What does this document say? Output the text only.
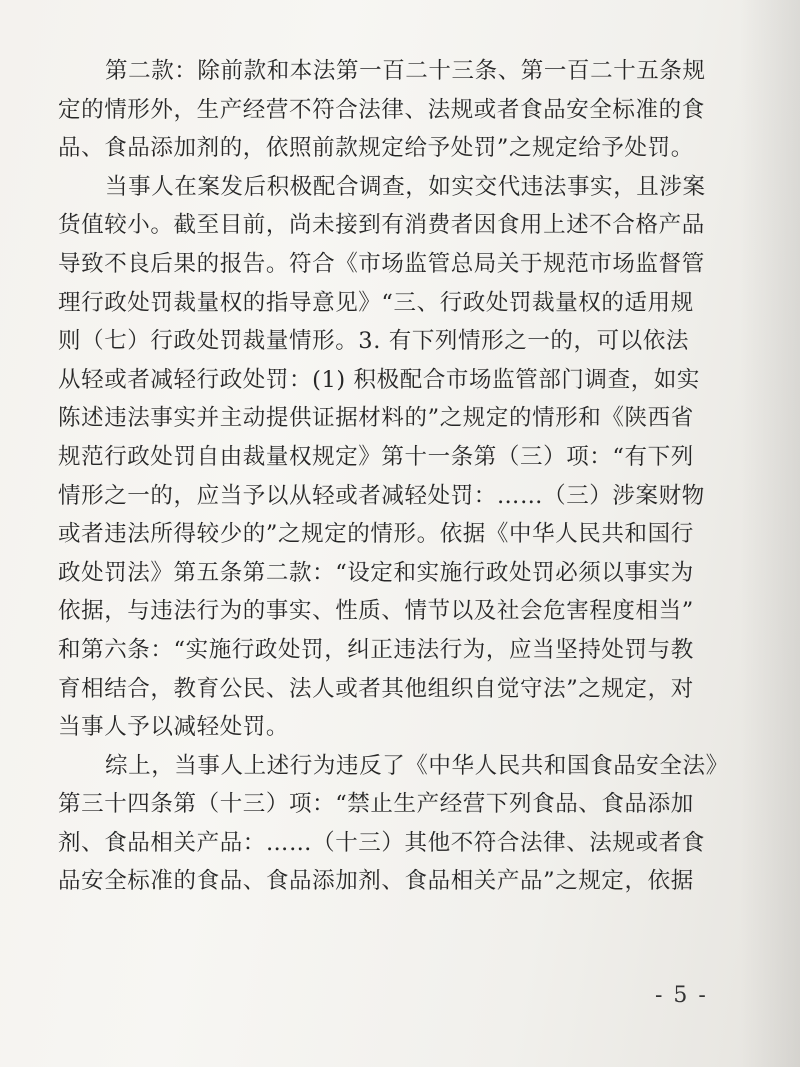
第二款：除前款和本法第一百二十三条、第一百二十五条规
定的情形外，生产经营不符合法律、法规或者食品安全标准的食
品、食品添加剂的，依照前款规定给予处罚”之规定给予处罚。
当事人在案发后积极配合调查，如实交代违法事实，且涉案
货值较小。截至目前，尚未接到有消费者因食用上述不合格产品
导致不良后果的报告。符合《市场监管总局关于规范市场监督管
理行政处罚裁量权的指导意见》“三、行政处罚裁量权的适用规
则（七）行政处罚裁量情形。3. 有下列情形之一的，可以依法
从轻或者减轻行政处罚：(1) 积极配合市场监管部门调查，如实
陈述违法事实并主动提供证据材料的”之规定的情形和《陕西省
规范行政处罚自由裁量权规定》第十一条第（三）项：“有下列
情形之一的，应当予以从轻或者减轻处罚：……（三）涉案财物
或者违法所得较少的”之规定的情形。依据《中华人民共和国行
政处罚法》第五条第二款：“设定和实施行政处罚必须以事实为
依据，与违法行为的事实、性质、情节以及社会危害程度相当”
和第六条：“实施行政处罚，纠正违法行为，应当坚持处罚与教
育相结合，教育公民、法人或者其他组织自觉守法”之规定，对
当事人予以减轻处罚。
综上，当事人上述行为违反了《中华人民共和国食品安全法》
第三十四条第（十三）项：“禁止生产经营下列食品、食品添加
剂、食品相关产品：……（十三）其他不符合法律、法规或者食
品安全标准的食品、食品添加剂、食品相关产品”之规定，依据
- 5 -
